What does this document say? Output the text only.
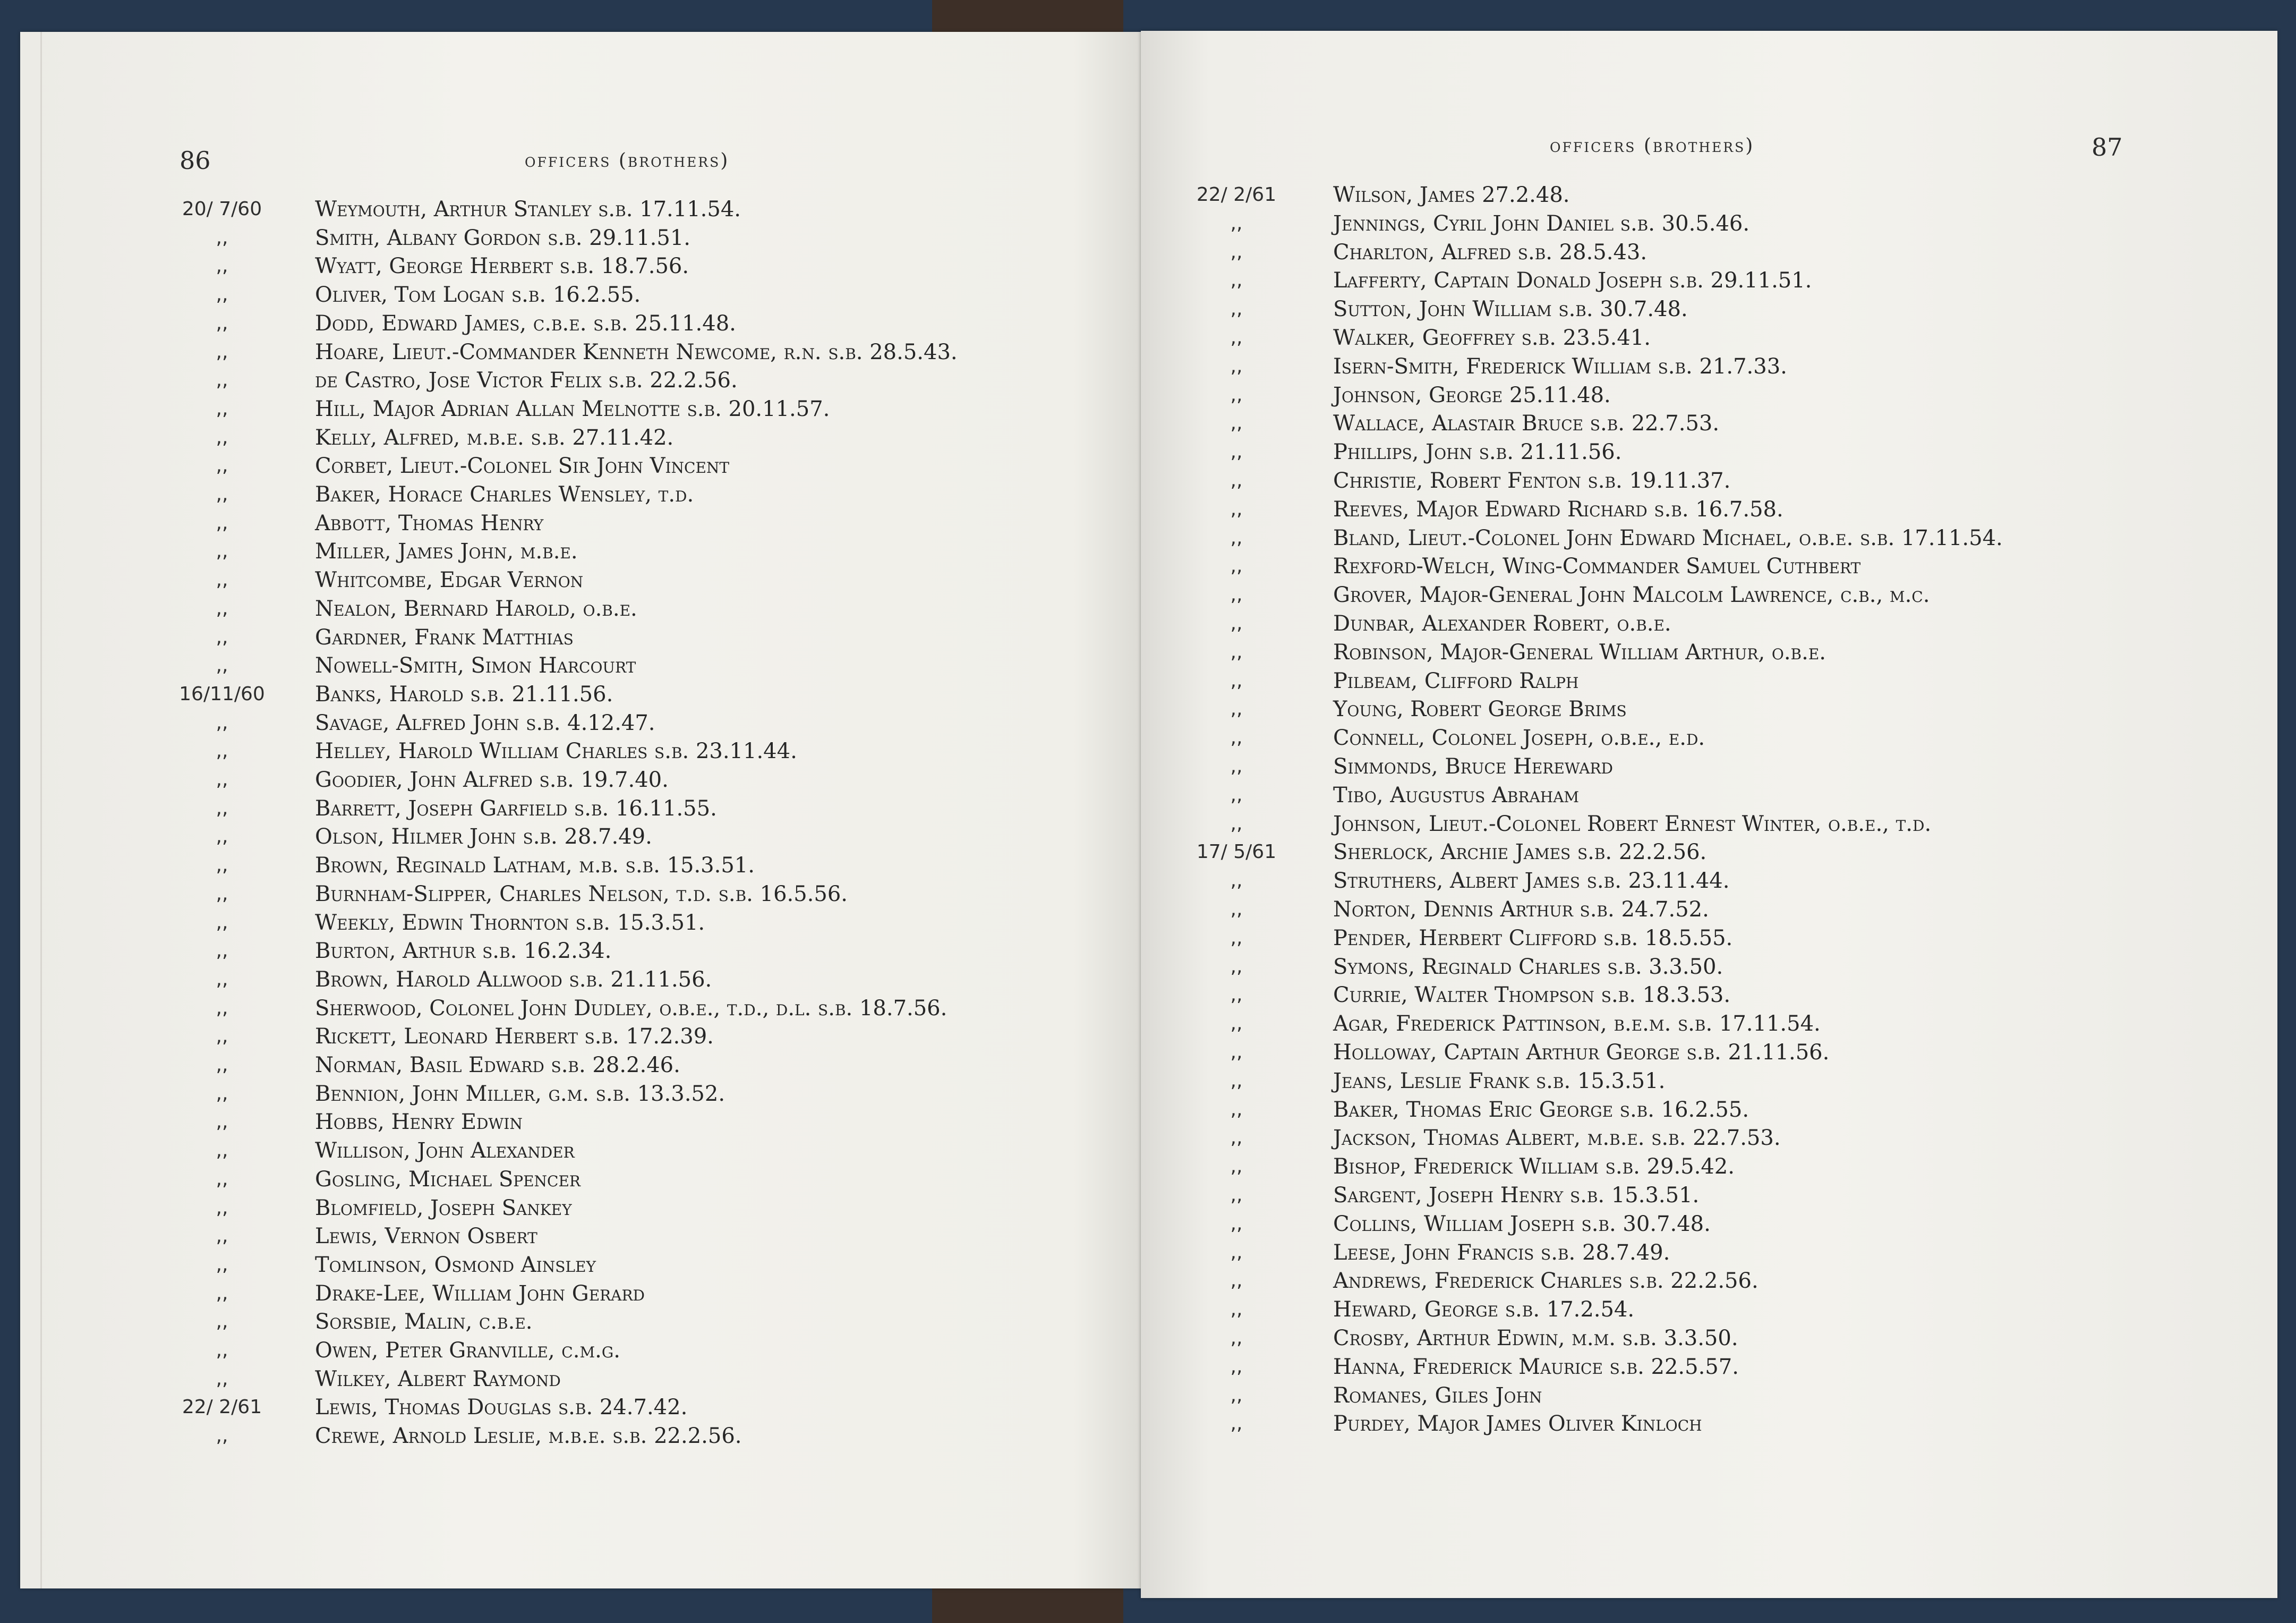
86	officers (brothers)
20/ 7/60	Weymouth, Arthur Stanley s.b. 17.11.54.
,,	Smith, Albany Gordon s.b. 29.11.51.
,,	Wyatt, George Herbert s.b. 18.7.56.
,,	Oliver, Tom Logan s.b. 16.2.55.
,,	Dodd, Edward James, c.b.e. s.b. 25.11.48.
,,	Hoare, Lieut.-Commander Kenneth Newcome, r.n. s.b. 28.5.43.
,,	de Castro, Jose Victor Felix s.b. 22.2.56.
,,	Hill, Major Adrian Allan Melnotte s.b. 20.11.57.
,,	Kelly, Alfred, m.b.e. s.b. 27.11.42.
,,	Corbet, Lieut.-Colonel Sir John Vincent
,,	Baker, Horace Charles Wensley, t.d.
,,	Abbott, Thomas Henry
,,	Miller, James John, m.b.e.
,,	Whitcombe, Edgar Vernon
,,	Nealon, Bernard Harold, o.b.e.
,,	Gardner, Frank Matthias
,,	Nowell-Smith, Simon Harcourt
16/11/60	Banks, Harold s.b. 21.11.56.
,,	Savage, Alfred John s.b. 4.12.47.
,,	Helley, Harold William Charles s.b. 23.11.44.
,,	Goodier, John Alfred s.b. 19.7.40.
,,	Barrett, Joseph Garfield s.b. 16.11.55.
,,	Olson, Hilmer John s.b. 28.7.49.
,,	Brown, Reginald Latham, m.b. s.b. 15.3.51.
,,	Burnham-Slipper, Charles Nelson, t.d. s.b. 16.5.56.
,,	Weekly, Edwin Thornton s.b. 15.3.51.
,,	Burton, Arthur s.b. 16.2.34.
,,	Brown, Harold Allwood s.b. 21.11.56.
,,	Sherwood, Colonel John Dudley, o.b.e., t.d., d.l. s.b. 18.7.56.
,,	Rickett, Leonard Herbert s.b. 17.2.39.
,,	Norman, Basil Edward s.b. 28.2.46.
,,	Bennion, John Miller, g.m. s.b. 13.3.52.
,,	Hobbs, Henry Edwin
,,	Willison, John Alexander
,,	Gosling, Michael Spencer
,,	Blomfield, Joseph Sankey
,,	Lewis, Vernon Osbert
,,	Tomlinson, Osmond Ainsley
,,	Drake-Lee, William John Gerard
,,	Sorsbie, Malin, c.b.e.
,,	Owen, Peter Granville, c.m.g.
,,	Wilkey, Albert Raymond
22/ 2/61	Lewis, Thomas Douglas s.b. 24.7.42.
,,	Crewe, Arnold Leslie, m.b.e. s.b. 22.2.56.
87
officers (brothers)
22/ 2/61	Wilson, James 27.2.48.
,,	Jennings, Cyril John Daniel s.b. 30.5.46.
,,	Charlton, Alfred s.b. 28.5.43.
,,	Lafferty, Captain Donald Joseph s.b. 29.11.51.
,,	Sutton, John William s.b. 30.7.48.
,,	Walker, Geoffrey s.b. 23.5.41.
,,	Isern-Smith, Frederick William s.b. 21.7.33.
,,	Johnson, George 25.11.48.
,,	Wallace, Alastair Bruce s.b. 22.7.53.
,,	Phillips, John s.b. 21.11.56.
,,	Christie, Robert Fenton s.b. 19.11.37.
,,	Reeves, Major Edward Richard s.b. 16.7.58.
,,	Bland, Lieut.-Colonel John Edward Michael, o.b.e. s.b. 17.11.54.
,,	Rexford-Welch, Wing-Commander Samuel Cuthbert
,,	Grover, Major-General John Malcolm Lawrence, c.b., m.c.
,,	Dunbar, Alexander Robert, o.b.e.
,,	Robinson, Major-General William Arthur, o.b.e.
,,	Pilbeam, Clifford Ralph
,,	Young, Robert George Brims
,,	Connell, Colonel Joseph, o.b.e., e.d.
,,	Simmonds, Bruce Hereward
,,	Tibo, Augustus Abraham
,,	Johnson, Lieut.-Colonel Robert Ernest Winter, o.b.e., t.d.
17/ 5/61	Sherlock, Archie James s.b. 22.2.56.
,,	Struthers, Albert James s.b. 23.11.44.
,,	Norton, Dennis Arthur s.b. 24.7.52.
,,	Pender, Herbert Clifford s.b. 18.5.55.
,,	Symons, Reginald Charles s.b. 3.3.50.
,,	Currie, Walter Thompson s.b. 18.3.53.
,,	Agar, Frederick Pattinson, b.e.m. s.b. 17.11.54.
,,	Holloway, Captain Arthur George s.b. 21.11.56.
,,	Jeans, Leslie Frank s.b. 15.3.51.
,,	Baker, Thomas Eric George s.b. 16.2.55.
,,	Jackson, Thomas Albert, m.b.e. s.b. 22.7.53.
,,	Bishop, Frederick William s.b. 29.5.42.
,,	Sargent, Joseph Henry s.b. 15.3.51.
,,	Collins, William Joseph s.b. 30.7.48.
,,	Leese, John Francis s.b. 28.7.49.
,,	Andrews, Frederick Charles s.b. 22.2.56.
,,	Heward, George s.b. 17.2.54.
,,	Crosby, Arthur Edwin, m.m. s.b. 3.3.50.
,,	Hanna, Frederick Maurice s.b. 22.5.57.
,,	Romanes, Giles John
,,	Purdey, Major James Oliver Kinloch
